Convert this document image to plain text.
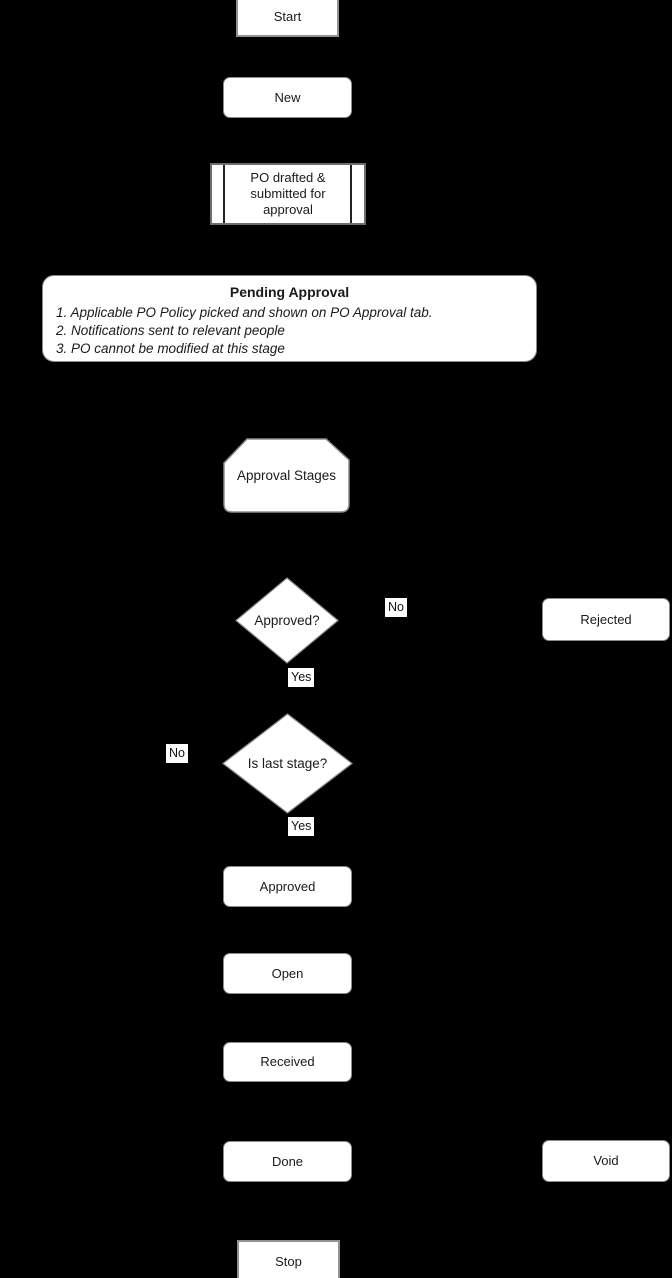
Start
New
PO drafted & submitted for approval
Pending Approval
1. Applicable PO Policy picked and shown on PO Approval tab.
2. Notifications sent to relevant people
3. PO cannot be modified at this stage
Approval Stages
Approved?
No
Rejected
Yes
Is last stage?
No
Yes
Approved
Open
Received
Done	Void
Stop
